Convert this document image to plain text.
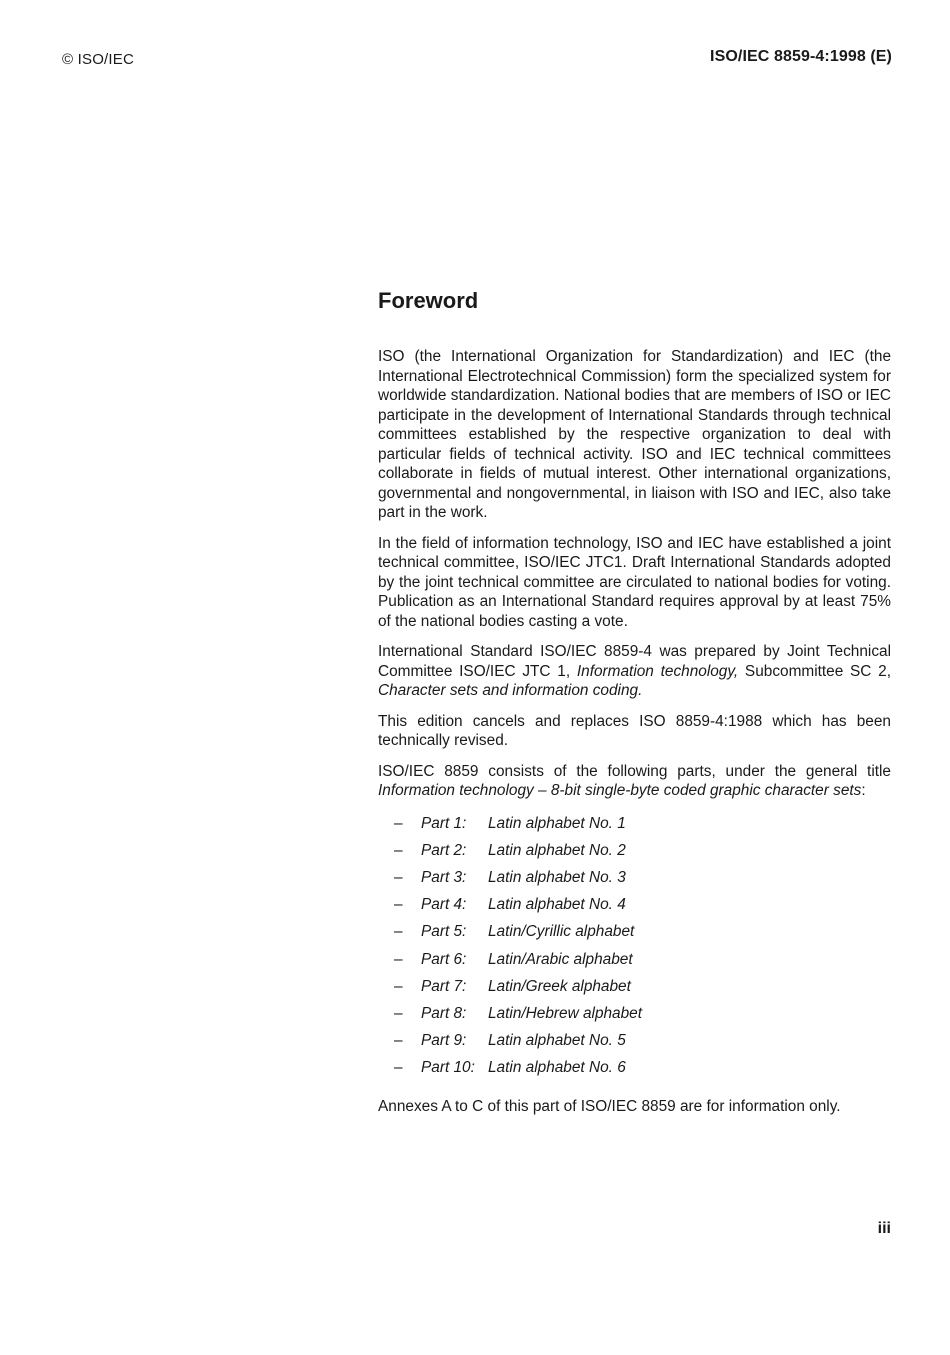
© ISO/IEC	ISO/IEC 8859-4:1998 (E)
Foreword

ISO (the International Organization for Standardization) and IEC (the International Electrotechnical Commission) form the specialized system for worldwide standardization. National bodies that are members of ISO or IEC participate in the development of International Standards through technical committees established by the respective organization to deal with particular fields of technical activity. ISO and IEC technical committees collaborate in fields of mutual interest. Other international organizations, governmental and nongovernmental, in liaison with ISO and IEC, also take part in the work.

In the field of information technology, ISO and IEC have established a joint technical committee, ISO/IEC JTC1. Draft International Standards adopted by the joint technical committee are circulated to national bodies for voting. Publication as an International Standard requires approval by at least 75% of the national bodies casting a vote.

International Standard ISO/IEC 8859-4 was prepared by Joint Technical Committee ISO/IEC JTC 1, Information technology, Subcommittee SC 2, Character sets and information coding.

This edition cancels and replaces ISO 8859-4:1988 which has been technically revised.

ISO/IEC 8859 consists of the following parts, under the general title Information technology – 8-bit single-byte coded graphic character sets:

–	Part 1:	Latin alphabet No. 1
–	Part 2:	Latin alphabet No. 2
–	Part 3:	Latin alphabet No. 3
–	Part 4:	Latin alphabet No. 4
–	Part 5:	Latin/Cyrillic alphabet
–	Part 6:	Latin/Arabic alphabet
–	Part 7:	Latin/Greek alphabet
–	Part 8:	Latin/Hebrew alphabet
–	Part 9:	Latin alphabet No. 5
–	Part 10: Latin alphabet No. 6

Annexes A to C of this part of ISO/IEC 8859 are for information only.

iii
